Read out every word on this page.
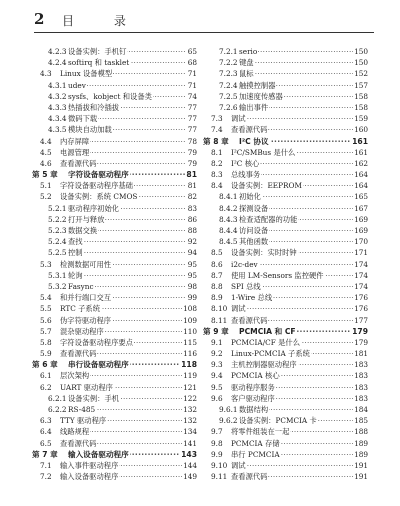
2 目 录
·····
4.2.3 设备实例：手机钉	65
·····
4.2.4 softirq 和 tasklet	68
·····
4.3 Linux 设备模型	71
·····
4.3.1 udev	71
·····
4.3.2 sysfs、kobject 和设备类	74
·····
4.3.3 热插拔和冷插拔	77
·····
4.3.4 微码下载	77
·····
4.3.5 模块自动加载	77
·····
4.4 内存屏障	78
·····
4.5 电源管理	79
·····
4.6 查看源代码	79
·····
第 5 章 字符设备驱动程序	81
·····
5.1 字符设备驱动程序基础	81
·····
5.2 设备实例：系统 CMOS	82
·····
5.2.1 驱动程序初始化	83
·····
5.2.2 打开与释放	86
·····
5.2.3 数据交换	88
·····
5.2.4 查找	92
·····
5.2.5 控制	94
·····
5.3 检测数据可用性	95
·····
5.3.1 轮询	95
·····
5.3.2 Fasync	98
·····
5.4 和并行端口交互	99
·····
5.5 RTC 子系统	108
·····
5.6 伪字符驱动程序	109
·····
5.7 混杂驱动程序	110
·····
5.8 字符设备驱动程序要点	115
·····
5.9 查看源代码	116
·····
第 6 章 串行设备驱动程序	118
·····
6.1 层次架构	119
·····
6.2 UART 驱动程序	121
·····
6.2.1 设备实例：手机	122
·····
6.2.2 RS-485	132
·····
6.3 TTY 驱动程序	132
·····
6.4 线路规程	134
·····
6.5 查看源代码	141
·····
第 7 章 输入设备驱动程序	143
·····
7.1 输入事件驱动程序	144
·····
7.2 输入设备驱动程序	149
·····
7.2.1 serio	150
·····
7.2.2 键盘	150
·····
7.2.3 鼠标	152
·····
7.2.4 触摸控制器	157
·····
7.2.5 加速度传感器	158
·····
7.2.6 输出事件	158
·····
7.3 调试	159
·····
7.4 查看源代码	160
·····
第 8 章 I²C 协议	161
·····
8.1 I²C/SMBus 是什么	161
·····
8.2 I²C 核心	162
·····
8.3 总线事务	164
·····
8.4 设备实例：EEPROM	164
·····
8.4.1 初始化	165
·····
8.4.2 探测设备	167
·····
8.4.3 检查适配器的功能	169
·····
8.4.4 访问设备	169
·····
8.4.5 其他函数	170
·····
8.5 设备实例：实时时钟	171
·····
8.6 i2c-dev	174
·····
8.7 使用 LM-Sensors 监控硬件	174
·····
8.8 SPI 总线	174
·····
8.9 1-Wire 总线	176
·····
8.10 调试	176
·····
8.11 查看源代码	177
·····
第 9 章 PCMCIA 和 CF	179
·····
9.1 PCMCIA/CF 是什么	179
·····
9.2 Linux-PCMCIA 子系统	181
·····
9.3 主机控制器驱动程序	183
·····
9.4 PCMCIA 核心	183
·····
9.5 驱动程序服务	183
·····
9.6 客户驱动程序	183
·····
9.6.1 数据结构	184
·····
9.6.2 设备实例：PCMCIA 卡	185
·····
9.7 将零件组装在一起	188
·····
9.8 PCMCIA 存储	189
·····
9.9 串行 PCMCIA	189
·····
9.10 调试	191
·····
9.11 查看源代码	191
